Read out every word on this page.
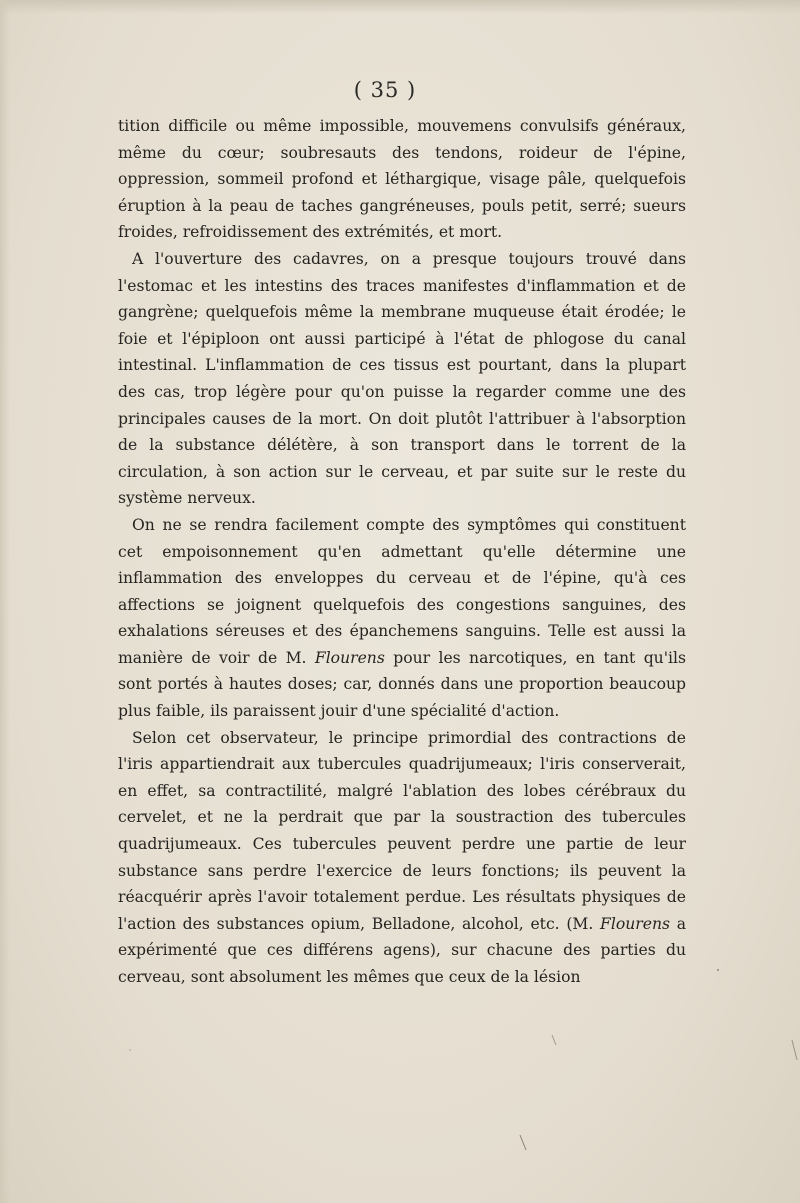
( 35 )

tition difficile ou même impossible, mouvemens convulsifs généraux, même du cœur; soubresauts des tendons, roideur de l'épine, oppression, sommeil profond et léthargique, visage pâle, quelquefois éruption à la peau de taches gangréneuses, pouls petit, serré; sueurs froides, refroidissement des extrémités, et mort.

A l'ouverture des cadavres, on a presque toujours trouvé dans l'estomac et les intestins des traces manifestes d'inflammation et de gangrène; quelquefois même la membrane muqueuse était érodée; le foie et l'épiploon ont aussi participé à l'état de phlogose du canal intestinal. L'inflammation de ces tissus est pourtant, dans la plupart des cas, trop légère pour qu'on puisse la regarder comme une des principales causes de la mort. On doit plutôt l'attribuer à l'absorption de la substance délétère, à son transport dans le torrent de la circulation, à son action sur le cerveau, et par suite sur le reste du système nerveux.

On ne se rendra facilement compte des symptômes qui constituent cet empoisonnement qu'en admettant qu'elle détermine une inflammation des enveloppes du cerveau et de l'épine, qu'à ces affections se joignent quelquefois des congestions sanguines, des exhalations séreuses et des épanchemens sanguins. Telle est aussi la manière de voir de M. Flourens pour les narcotiques, en tant qu'ils sont portés à hautes doses; car, donnés dans une proportion beaucoup plus faible, ils paraissent jouir d'une spécialité d'action.

Selon cet observateur, le principe primordial des contractions de l'iris appartiendrait aux tubercules quadrijumeaux; l'iris conserverait, en effet, sa contractilité, malgré l'ablation des lobes cérébraux du cervelet, et ne la perdrait que par la soustraction des tubercules quadrijumeaux. Ces tubercules peuvent perdre une partie de leur substance sans perdre l'exercice de leurs fonctions; ils peuvent la réacquérir après l'avoir totalement perdue. Les résultats physiques de l'action des substances opium, Belladone, alcohol, etc. (M. Flourens a expérimenté que ces différens agens), sur chacune des parties du cerveau, sont absolument les mêmes que ceux de la lésion
